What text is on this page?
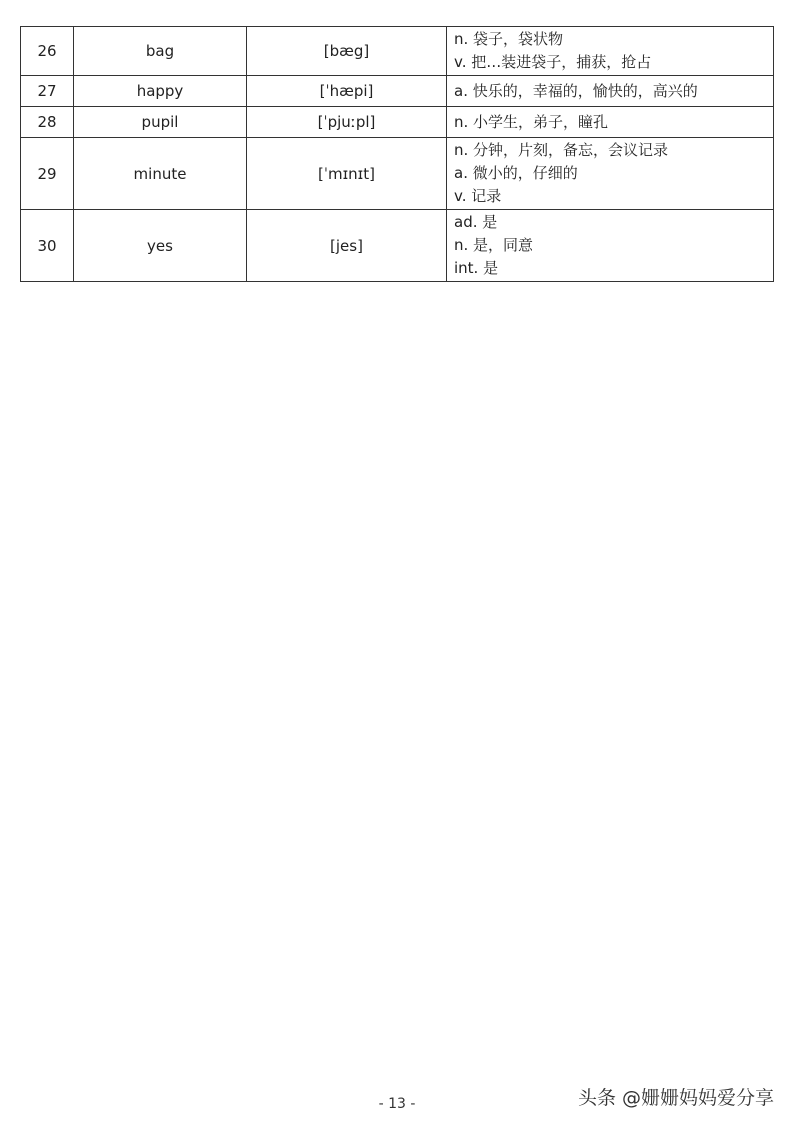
26	bag	[bæg]	n. 袋子，袋状物
v. 把…装进袋子，捕获，抢占

27	happy	[ˈhæpi]	a. 快乐的，幸福的，愉快的，高兴的

28	pupil	[ˈpjuːpl]	n. 小学生，弟子，瞳孔

29	minute	[ˈmɪnɪt]	n. 分钟，片刻，备忘，会议记录
a. 微小的，仔细的
v. 记录

30	yes	[jes]	ad. 是
n. 是，同意
int. 是
- 13 -	头条 @姗姗妈妈爱分享
